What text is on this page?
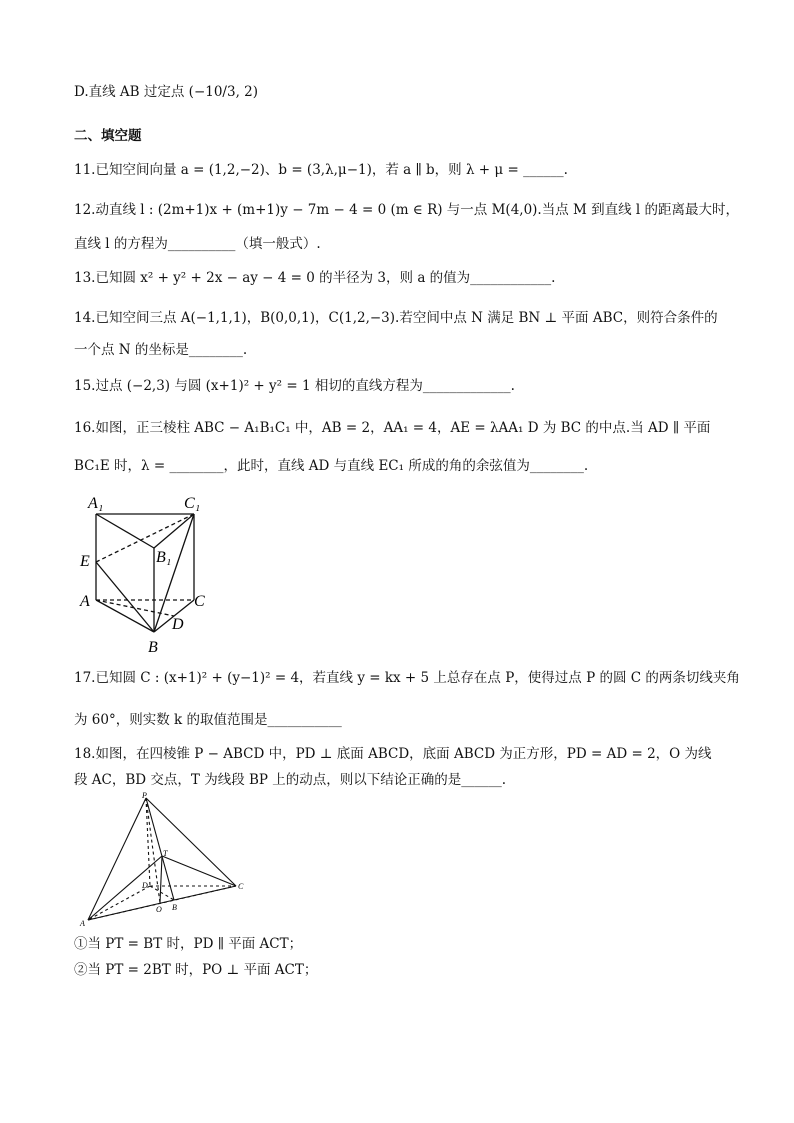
D.直线 AB 过定点 (−10/3, 2)
二、填空题
11.已知空间向量 a = (1,2,−2)、b = (3,λ,μ−1)，若 a ∥ b，则 λ + μ = ______.
12.动直线 l : (2m+1)x + (m+1)y − 7m − 4 = 0 (m ∈ R) 与一点 M(4,0).当点 M 到直线 l 的距离最大时，
直线 l 的方程为__________（填一般式）.
13.已知圆 x² + y² + 2x − ay − 4 = 0 的半径为 3，则 a 的值为____________.
14.已知空间三点 A(−1,1,1)，B(0,0,1)，C(1,2,−3).若空间中点 N 满足 BN ⊥ 平面 ABC，则符合条件的
一个点 N 的坐标是________.
15.过点 (−2,3) 与圆 (x+1)² + y² = 1 相切的直线方程为_____________.
16.如图，正三棱柱 ABC − A₁B₁C₁ 中，AB = 2，AA₁ = 4，AE = λAA₁ D 为 BC 的中点.当 AD ∥ 平面
BC₁E 时，λ = ________，此时，直线 AD 与直线 EC₁ 所成的角的余弦值为________.
A₁	C₁
B₁
E
A	C
D
B
17.已知圆 C : (x+1)² + (y−1)² = 4，若直线 y = kx + 5 上总存在点 P，使得过点 P 的圆 C 的两条切线夹角
为 60°，则实数 k 的取值范围是___________
18.如图，在四棱锥 P − ABCD 中，PD ⊥ 底面 ABCD，底面 ABCD 为正方形，PD = AD = 2，O 为线
段 AC，BD 交点，T 为线段 BP 上的动点，则以下结论正确的是______.
P
T
D
O
A
B
C
①当 PT = BT 时，PD ∥ 平面 ACT；
②当 PT = 2BT 时，PO ⊥ 平面 ACT；
